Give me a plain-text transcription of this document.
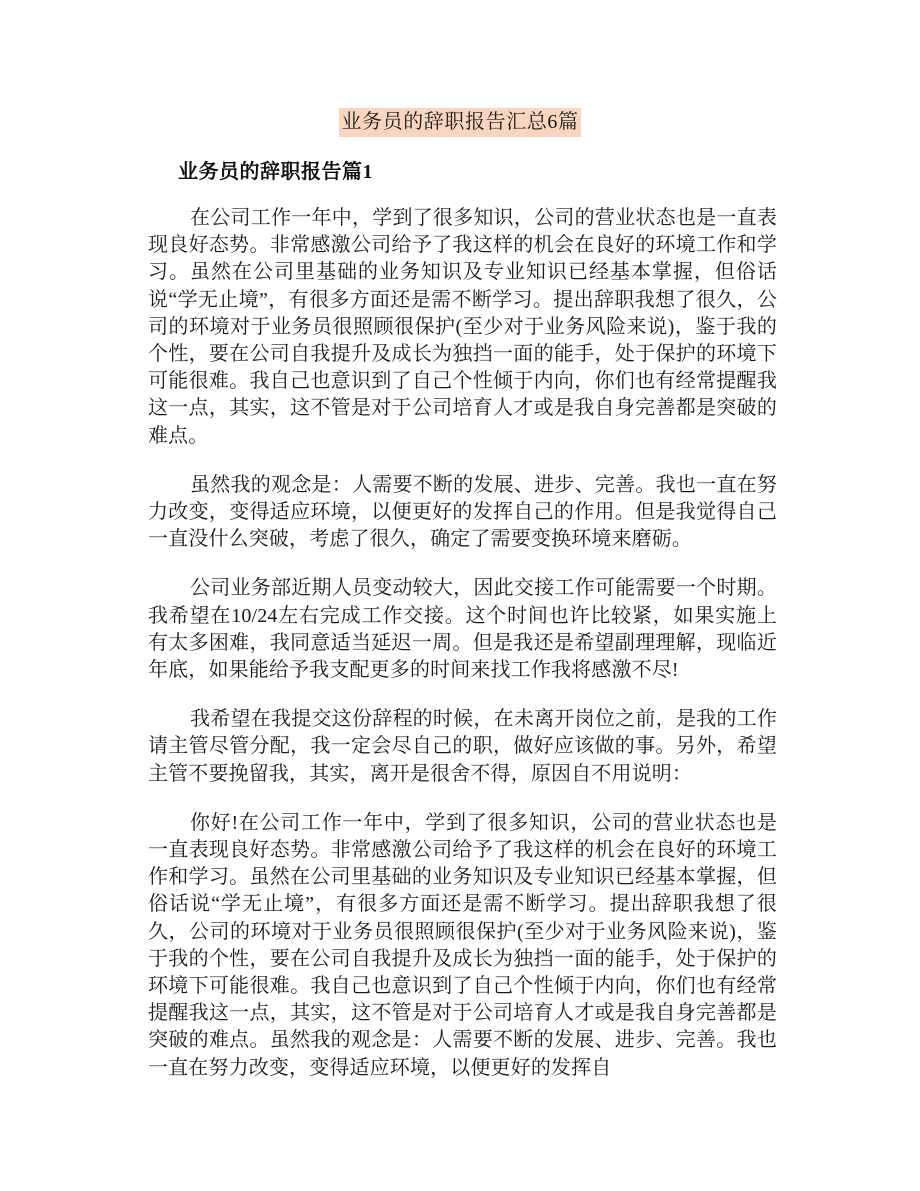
业务员的辞职报告汇总6篇
业务员的辞职报告篇1

在公司工作一年中，学到了很多知识，公司的营业状态也是一直表现良好态势。非常感激公司给予了我这样的机会在良好的环境工作和学习。虽然在公司里基础的业务知识及专业知识已经基本掌握，但俗话说“学无止境”，有很多方面还是需不断学习。提出辞职我想了很久，公司的环境对于业务员很照顾很保护(至少对于业务风险来说)，鉴于我的个性，要在公司自我提升及成长为独挡一面的能手，处于保护的环境下可能很难。我自己也意识到了自己个性倾于内向，你们也有经常提醒我这一点，其实，这不管是对于公司培育人才或是我自身完善都是突破的难点。

虽然我的观念是：人需要不断的发展、进步、完善。我也一直在努力改变，变得适应环境，以便更好的发挥自己的作用。但是我觉得自己一直没什么突破，考虑了很久，确定了需要变换环境来磨砺。

公司业务部近期人员变动较大，因此交接工作可能需要一个时期。我希望在10/24左右完成工作交接。这个时间也许比较紧，如果实施上有太多困难，我同意适当延迟一周。但是我还是希望副理理解，现临近年底，如果能给予我支配更多的时间来找工作我将感激不尽!

我希望在我提交这份辞程的时候，在未离开岗位之前，是我的工作请主管尽管分配，我一定会尽自己的职，做好应该做的事。另外，希望主管不要挽留我，其实，离开是很舍不得，原因自不用说明：

你好!在公司工作一年中，学到了很多知识，公司的营业状态也是一直表现良好态势。非常感激公司给予了我这样的机会在良好的环境工作和学习。虽然在公司里基础的业务知识及专业知识已经基本掌握，但俗话说“学无止境”，有很多方面还是需不断学习。提出辞职我想了很久，公司的环境对于业务员很照顾很保护(至少对于业务风险来说)，鉴于我的个性，要在公司自我提升及成长为独挡一面的能手，处于保护的环境下可能很难。我自己也意识到了自己个性倾于内向，你们也有经常提醒我这一点，其实，这不管是对于公司培育人才或是我自身完善都是突破的难点。虽然我的观念是：人需要不断的发展、进步、完善。我也一直在努力改变，变得适应环境，以便更好的发挥自
